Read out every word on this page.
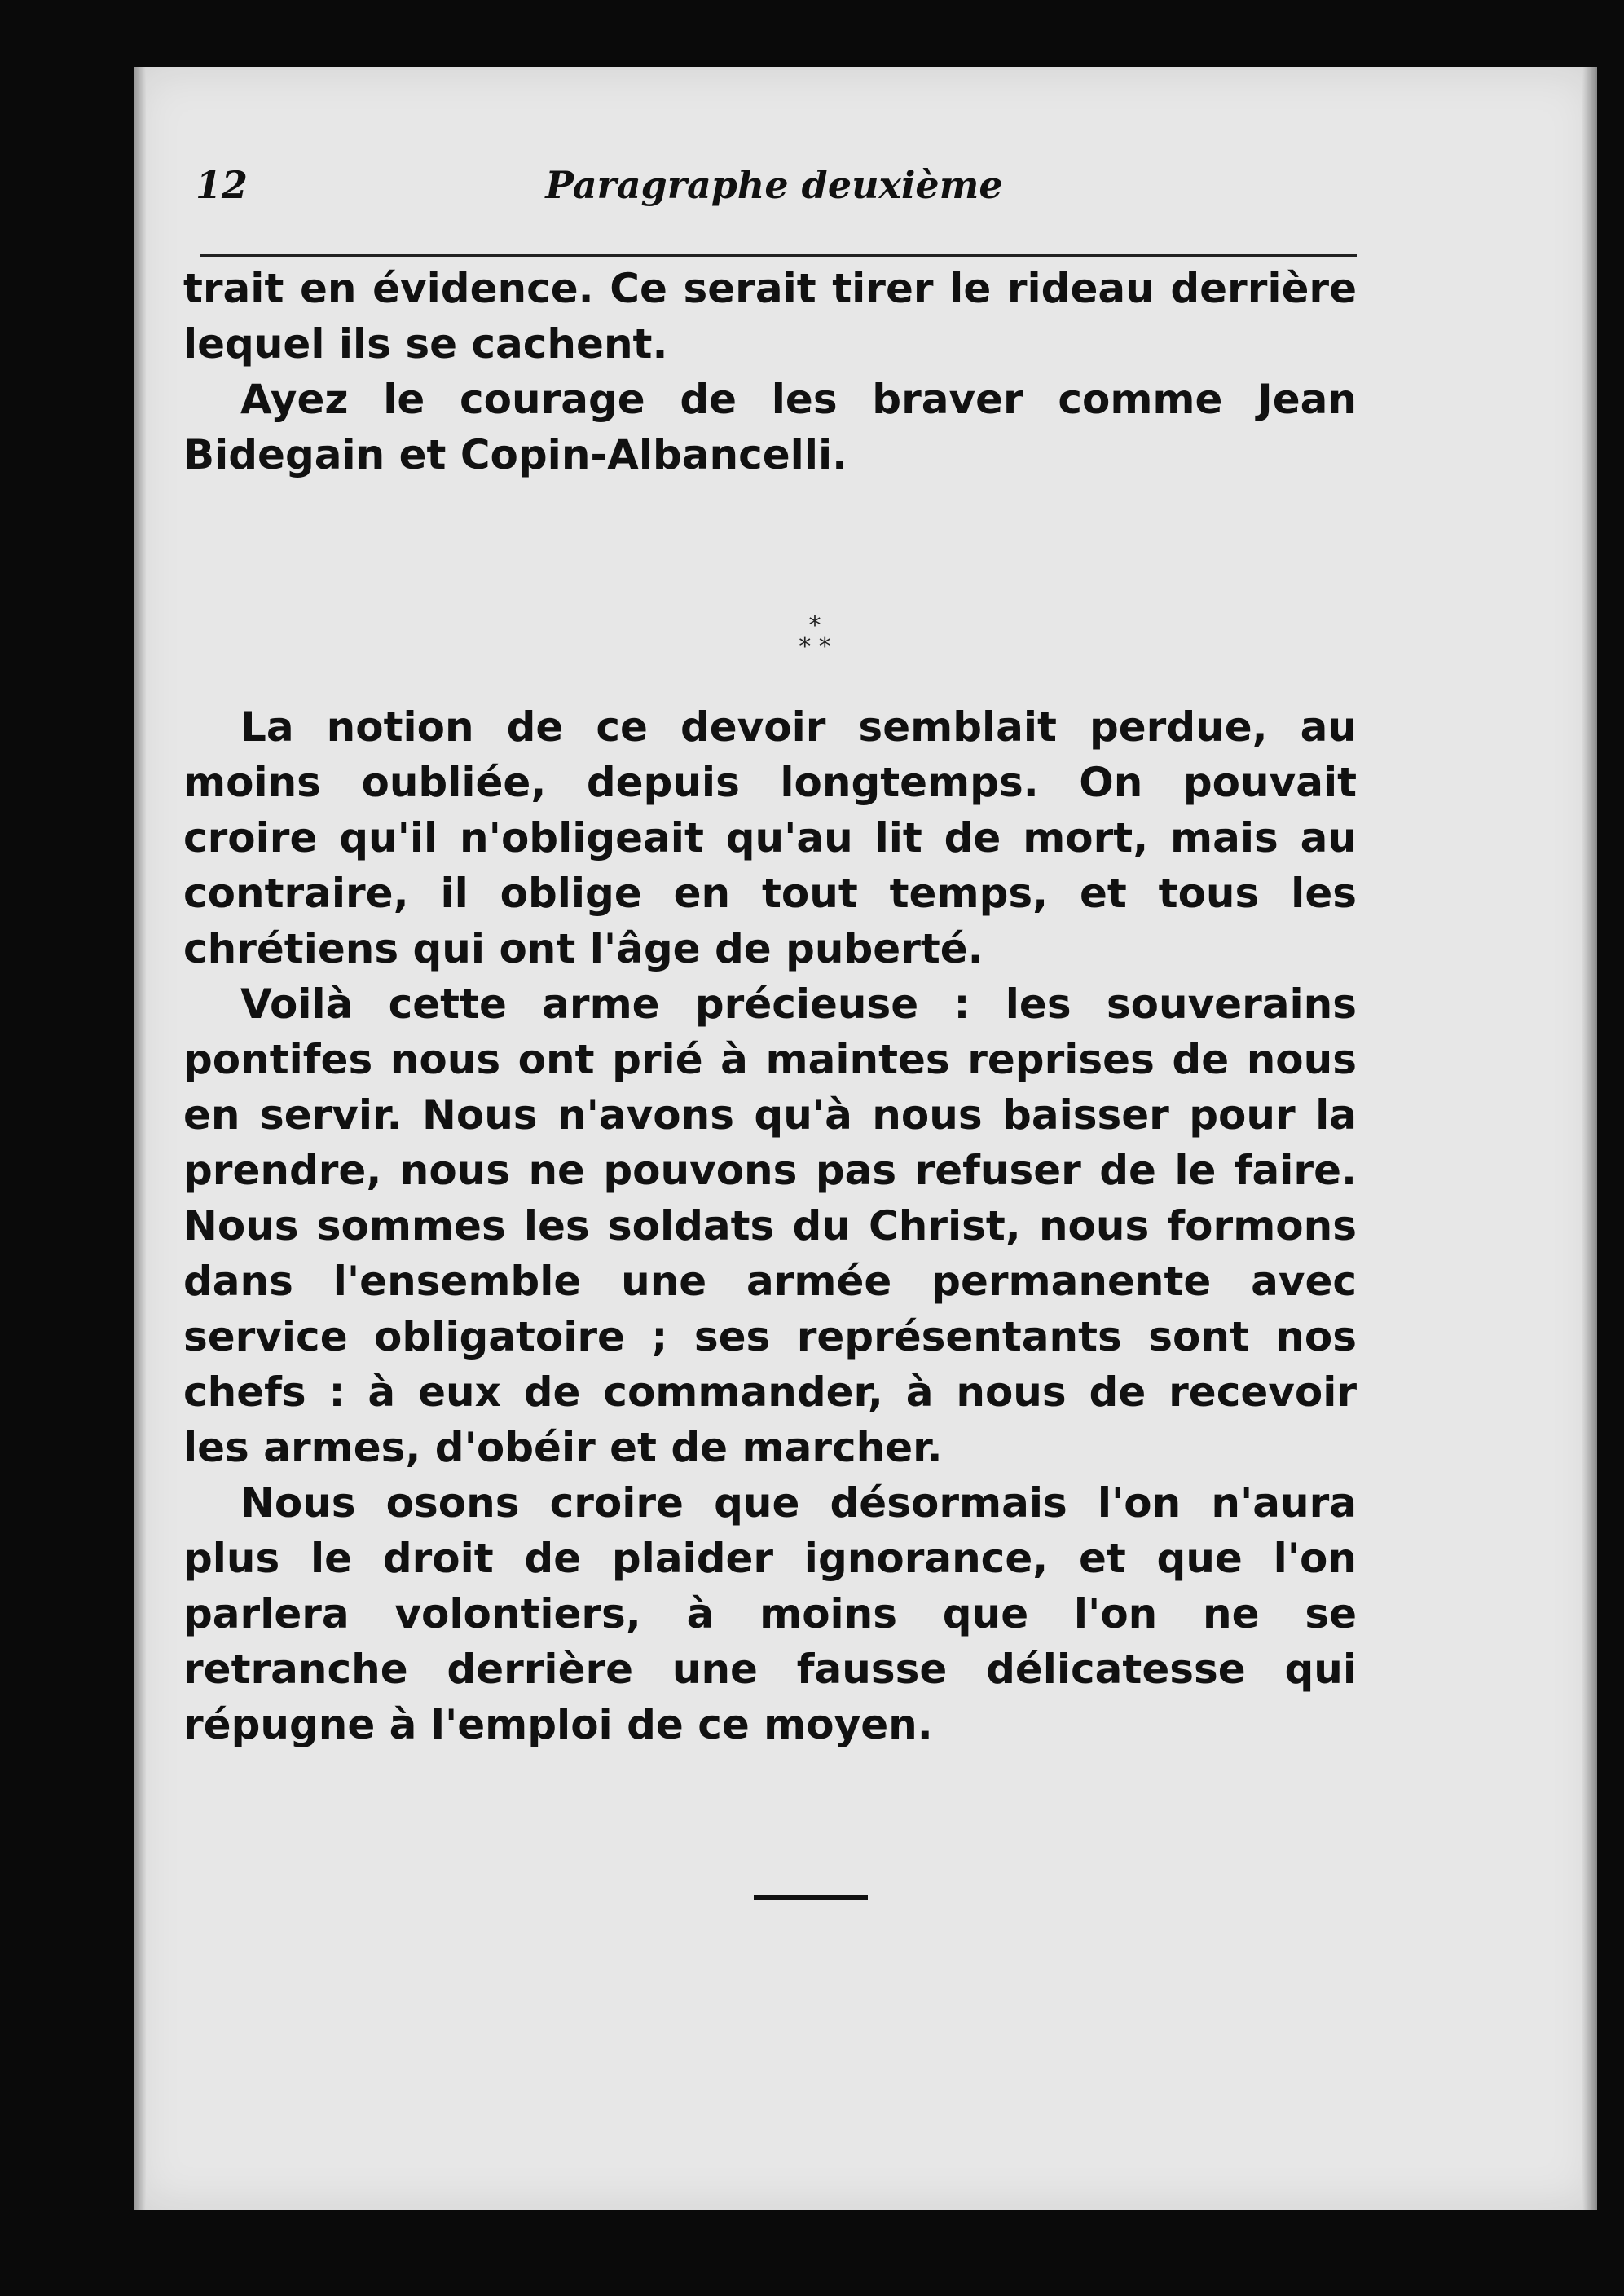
12	Paragraphe deuxième

trait en évidence. Ce serait tirer le rideau derrière lequel ils se cachent.

Ayez le courage de les braver comme Jean Bidegain et Copin-Albancelli.

*
* *

La notion de ce devoir semblait perdue, au moins oubliée, depuis longtemps. On pouvait croire qu'il n'obligeait qu'au lit de mort, mais au contraire, il oblige en tout temps, et tous les chrétiens qui ont l'âge de puberté.

Voilà cette arme précieuse : les souverains pontifes nous ont prié à maintes reprises de nous en servir. Nous n'avons qu'à nous baisser pour la prendre, nous ne pouvons pas refuser de le faire. Nous sommes les soldats du Christ, nous formons dans l'ensemble une armée permanente avec service obligatoire ; ses représentants sont nos chefs : à eux de commander, à nous de recevoir les armes, d'obéir et de marcher.

Nous osons croire que désormais l'on n'aura plus le droit de plaider ignorance, et que l'on parlera volontiers, à moins que l'on ne se retranche derrière une fausse délicatesse qui répugne à l'emploi de ce moyen.
